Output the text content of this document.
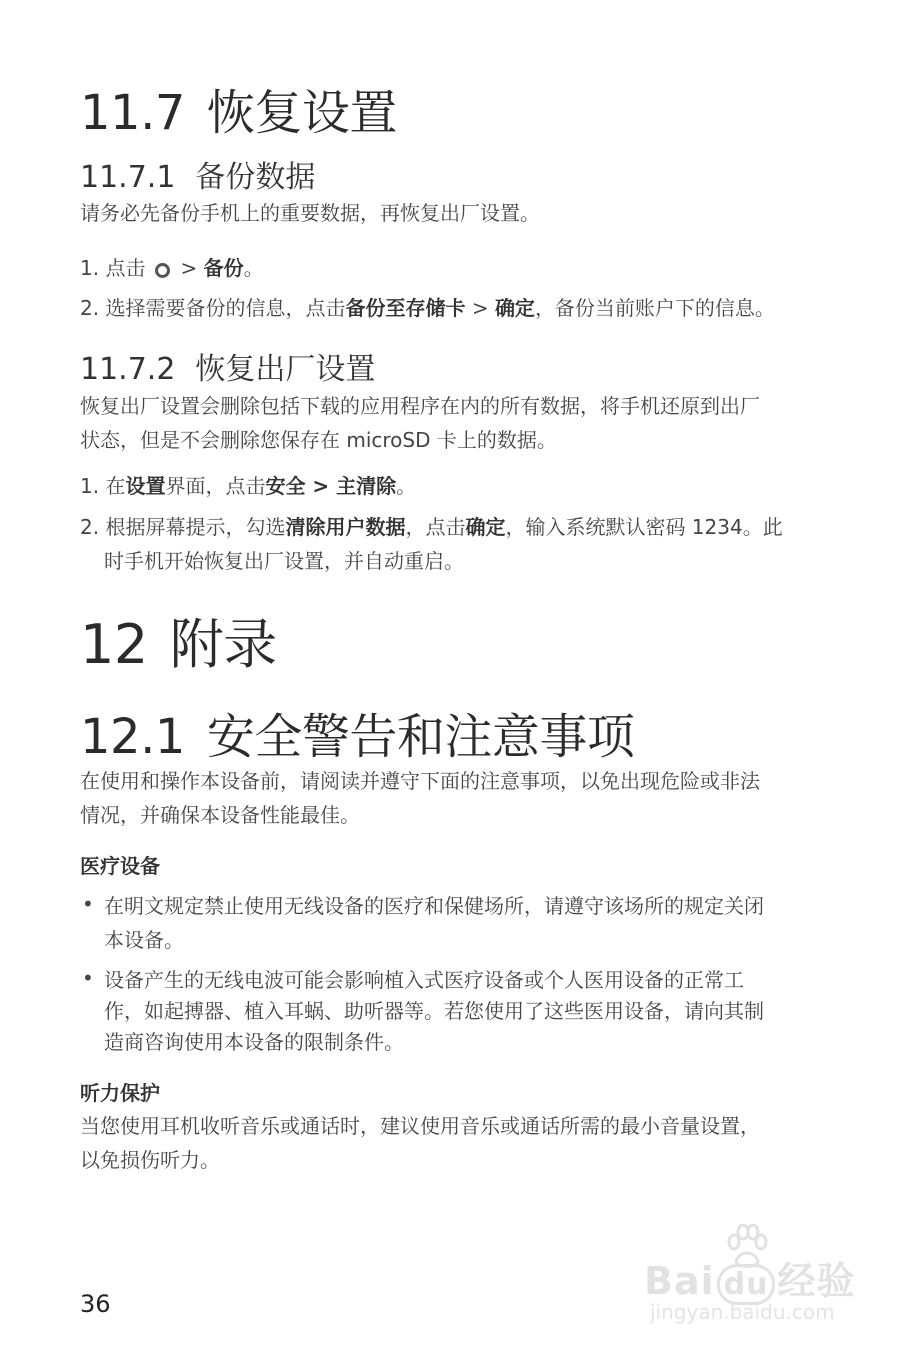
11.7 恢复设置
11.7.1 备份数据
请务必先备份手机上的重要数据，再恢复出厂设置。
1. 点击 > 备份。
2. 选择需要备份的信息，点击备份至存储卡 > 确定，备份当前账户下的信息。
11.7.2 恢复出厂设置
恢复出厂设置会删除包括下载的应用程序在内的所有数据，将手机还原到出厂
状态，但是不会删除您保存在 microSD 卡上的数据。
1. 在设置界面，点击安全 > 主清除。
2. 根据屏幕提示，勾选清除用户数据，点击确定，输入系统默认密码 1234。此
时手机开始恢复出厂设置，并自动重启。
12 附录
12.1 安全警告和注意事项
在使用和操作本设备前，请阅读并遵守下面的注意事项，以免出现危险或非法
情况，并确保本设备性能最佳。
医疗设备
• 在明文规定禁止使用无线设备的医疗和保健场所，请遵守该场所的规定关闭
本设备。
• 设备产生的无线电波可能会影响植入式医疗设备或个人医用设备的正常工
作，如起搏器、植入耳蜗、助听器等。若您使用了这些医用设备，请向其制
造商咨询使用本设备的限制条件。
听力保护
当您使用耳机收听音乐或通话时，建议使用音乐或通话所需的最小音量设置，
以免损伤听力。
36
Bai du 经验
jingyan.baidu.com
